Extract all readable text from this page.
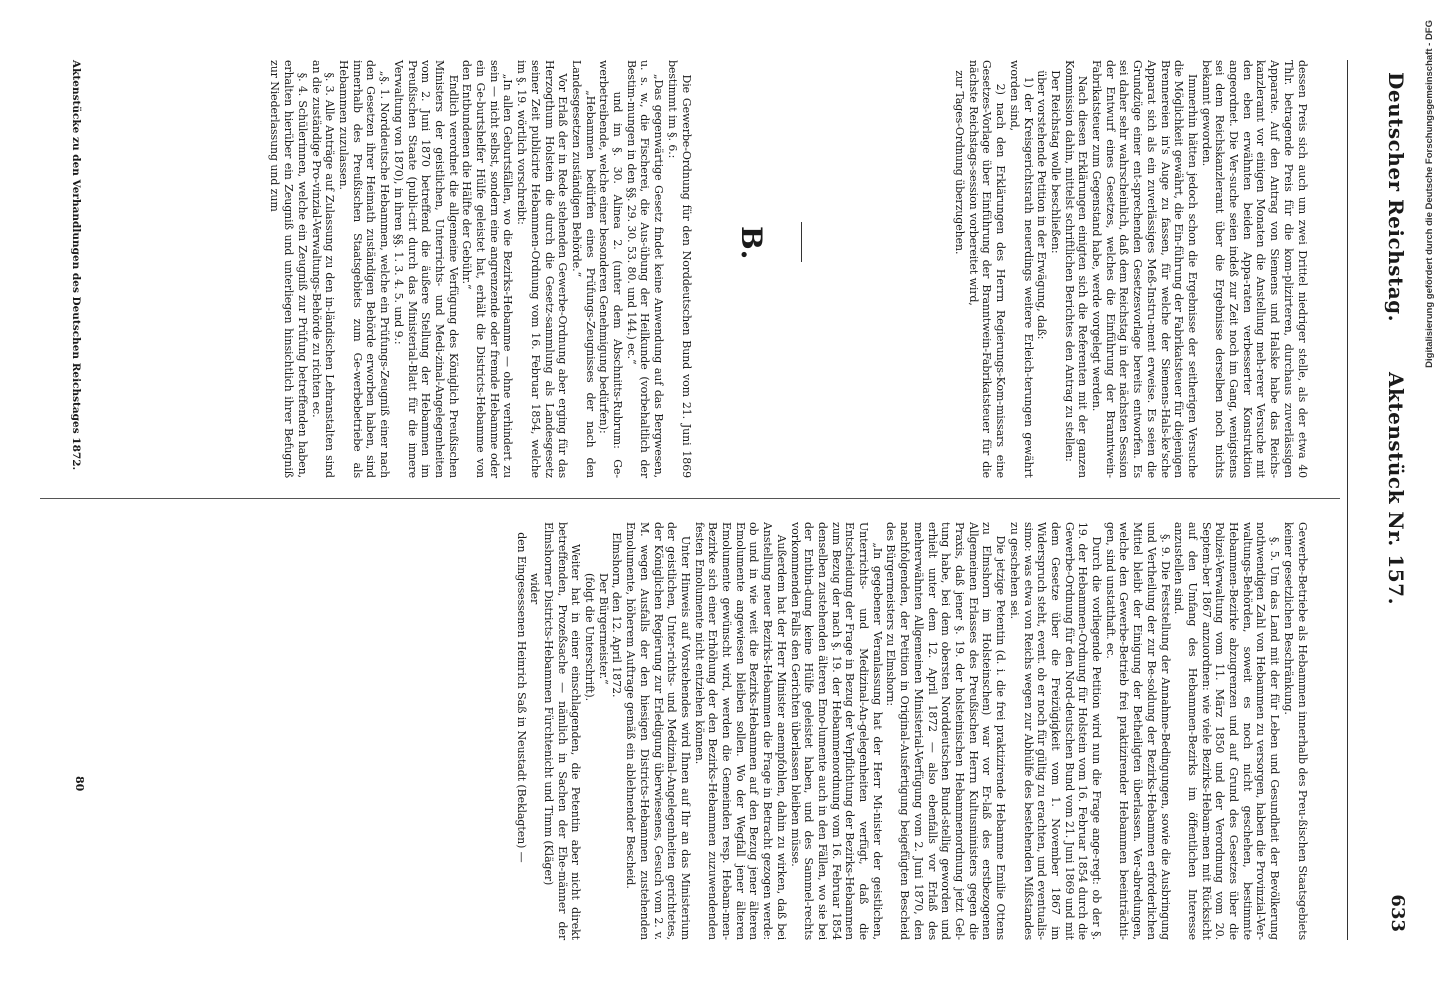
Deutscher Reichstag.
Aktenstück Nr. 157.
633

dessen Preis sich auch um zwei Drittel niedriger stelle, als der etwa 40 Thlr. betragende Preis für die kom-plizirteren, durchaus zuverlässigen Apparate. Auf den Antrag von Siemens und Halske habe das Reichs-kanzleramt vor einigen Monaten die Anstellung meh-rerer Versuche mit den eben erwähnten beiden Appa-raten verbesserter Konstruktion angeordnet. Die Ver-suche seien indeß zur Zeit noch im Gang, wenigstens sei dem Reichskanzleramt über die Ergebnisse derselben noch nichts bekannt geworden.
Immerhin hätten jedoch schon die Ergebnisse der seitherigen Versuche die Möglichkeit gewährt, die Ein-führung der Fabrikatsteuer für diejenigen Brennereien in's Auge zu fassen, für welche der Siemens-Hals-ke'sche Apparat sich als ein zuverlässiges Meß-Instru-ment erweise. Es seien die Grundzüge einer ent-sprechenden Gesetzesvorlage bereits entworfen. Es sei daher sehr wahrscheinlich, daß dem Reichstag in der nächsten Session der Entwurf eines Gesetzes, welches die Einführung der Branntwein-Fabrikatsteuer zum Gegenstand habe, werde vorgelegt werden.
Nach diesen Erklärungen einigten sich die Referenten mit der ganzen Kommission dahin, mittelst schriftlichen Berichtes den Antrag zu stellen:
Der Reichstag wolle beschließen:
über vorstehende Petition in der Erwägung, daß:
1) der Kreisgerichtsrath neuerdings weitere Erleich-terungen gewährt worden sind,
2) nach den Erklärungen des Herrn Regierungs-Kom-missars eine Gesetzes-Vorlage über Einführung der Branntwein-Fabrikatsteuer für die nächste Reichstags-session vorbereitet wird,
zur Tages-Ordnung überzugehen.

B.

Die Gewerbe-Ordnung für den Norddeutschen Bund vom 21. Juni 1869 bestimmt im §. 6.:
„Das gegenwärtige Gesetz findet keine Anwendung auf das Bergwesen, u. s. w., die Fischerei, die Aus-übung der Heilkunde (vorbehaltlich der Bestim-mungen in den §§. 29. 30. 53. 80. und 144.) ec.“
und im §. 30. Alinea 2. (unter dem Abschnitts-Rubrum: Ge-werbetreibende, welche einer besonderen Genehmigung bedürfen):
„Hebammen bedürfen eines Prüfungs-Zeugnisses der nach den Landesgesetzen zuständigen Behörde.“
Vor Erlaß der in Rede stehenden Gewerbe-Ordnung aber erging für das Herzogthum Holstein die durch die Gesetz-sammlung als Landesgesetz seiner Zeit publicirte Hebammen-Ordnung vom 16. Februar 1854, welche im §. 19. wörtlich vorschreibt:
„In allen Geburtsfällen, wo die Bezirks-Hebamme — ohne verhindert zu sein — nicht selbst, sondern eine angrenzende oder fremde Hebamme oder ein Ge-burtshelfer Hülfe geleistet hat, erhält die Districts-Hebamme von den Entbundenen die Hälfte der Gebühr.“
Endlich verordnet die allgemeine Verfügung des Königlich Preußischen Ministers der geistlichen, Unterrichts- und Medi-zinal-Angelegenheiten vom 2. Juni 1870 betreffend die äußere Stellung der Hebammen im Preußischen Staate (publi-cirt durch das Ministerial-Blatt für die innere Verwaltung von 1870), in ihren §§. 1. 3. 4. 5. und 9.:
„§. 1. Norddeutsche Hebammen, welche ein Prüfungs-Zeugniß einer nach den Gesetzen ihrer Heimath zuständigen Behörde erworben haben, sind innerhalb des Preußischen Staatsgebiets zum Ge-werbebetriebe als Hebammen zuzulassen.
§. 3. Alle Anträge auf Zulassung zu den in-ländischen Lehranstalten sind an die zuständige Pro-vinzial-Verwaltungs-Behörde zu richten ec.
§. 4. Schülerinnen, welche ein Zeugniß zur Prüfung betreffenden haben, erhalten hierüber ein Zeugniß und unterliegen hinsichtlich ihrer Befugniß zur Niederlassung und zum

Gewerbe-Betriebe als Hebammen innerhalb des Preu-ßischen Staatsgebiets keiner gesetzlichen Beschränkung.
§. 5. Um das Land mit der für Leben und Gesundheit der Bevölkerung nothwendigen Zahl von Hebammen zu versorgen, haben die Provinzial-Ver-waltungs-Behörden, soweit es noch nicht geschehen, bestimmte Hebammen-Bezirke abzugrenzen und auf Grund des Gesetzes über die Polizei-Verwaltung vom 11. März 1850 und der Verordnung vom 20. Septem-ber 1867 anzuordnen: wie viele Bezirks-Hebam-men mit Rücksicht auf den Umfang des Hebammen-Bezirks im öffentlichen Interesse anzustellen sind.
§. 9. Die Feststellung der Annahme-Bedingungen, sowie die Ausbringung und Vertheilung der zur Be-soldung der Bezirks-Hebammen erforderlichen Mittel bleibt der Einigung der Betheiligten überlassen. Ver-abredungen, welche den Gewerbe-Betrieb frei praktizirender Hebammen beeinträchti-gen, sind unstatthaft. ec.
Durch die vorliegende Petition wird nun die Frage ange-regt: ob der §. 19. der Hebammen-Ordnung für Holstein vom 16. Februar 1854 durch die Gewerbe-Ordnung für den Nord-deutschen Bund vom 21. Juni 1869 und mit dem Gesetze über die Freizügigkeit vom 1. November 1867 im Widerspruch steht, event. ob er noch für gültig zu erachten, und eventualis-simo: was etwa von Reichs wegen zur Abhülfe des bestehenden Mißstandes zu geschehen sei.
Die jetzige Petentin (d. i. die frei praktizirende Hebamme Emilie Ottens zu Elmshorn im Holsteinschen) war vor Er-laß des erstbezogenen Allgemeinen Erlasses des Preußischen Herrn Kultusministers gegen die Praxis, daß jener §. 19. der holsteinischen Hebammenordnung jetzt Gel-tung habe, bei dem obersten Norddeutschen Bund-stellig geworden und erhielt unter dem 12. April 1872 — also ebenfalls vor Erlaß des mehrerwähnten Allgemeinen Ministerial-Verfügung vom 2. Juni 1870, den nachfolgenden, der Petition in Original-Ausfertigung beigefügten Bescheid des Bürgermeisters zu Elmshorn:
„In gegebener Veranlassung hat der Herr Mi-nister der geistlichen, Unterrichts- und Medizinal-An-gelegenheiten verfügt, daß die Entscheidung der Frage in Bezug der Verpflichtung der Bezirks-Hebammen zum Bezug der nach §. 19. der Hebammenordnung vom 16. Februar 1854 denselben zustehenden älteren Emo-lumente auch in den Fällen, wo sie bei der Entbin-dung keine Hülfe geleistet haben, und des Sammel-rechts vorkommenden Falls den Gerichten überlassen bleiben müsse.
Außerdem hat der Herr Minister anempfohlen, dahin zu wirken, daß bei Anstellung neuer Bezirks-Hebammen die Frage in Betracht gezogen werde: ob und in wie weit die Bezirks-Hebammen auf den Bezug jener älteren Emolumente angewiesen bleiben sollen. Wo der Wegfall jener älteren Emolumente gewünscht wird, werden die Gemeinden resp. Hebam-men-Bezirke sich einer Erhöhung der den Bezirks-Hebammen zuzuwendenden festen Emolumente nicht entziehen können.
Unter Hinweis auf Vorstehendes wird Ihnen auf Ihr an das Ministerium der geistlichen, Unter-richts- und Medizinal-Angelegenheiten gerichtetes, der Königlichen Regierung zur Erledigung überwiesenes, Gesuch vom 2. v. M. wegen Ausfalls der den hiesigen Districts-Hebammen zustehenden Emolumente, höherem Auftrage gemäß ein ablehnender Bescheid.
Elmshorn, den 12. April 1872.
Der Bürgermeister.“
(folgt die Unterschrift).
Weiter hat in einer einschlagenden, die Petentin aber nicht direkt betreffenden, Prozeßsache — nämlich in Sachen der Ehe-männer der Elmshorner Districts-Hebammen Fürchtenicht und Timm (Kläger)
wider
den Eingesessenen Heinrich Saß in Neustadt (Beklagten) —

Aktenstücke zu den Verhandlungen des Deutschen Reichstages 1872.
80
Digitalisierung gefördert durch die Deutsche Forschungsgemeinschaft - DFG
